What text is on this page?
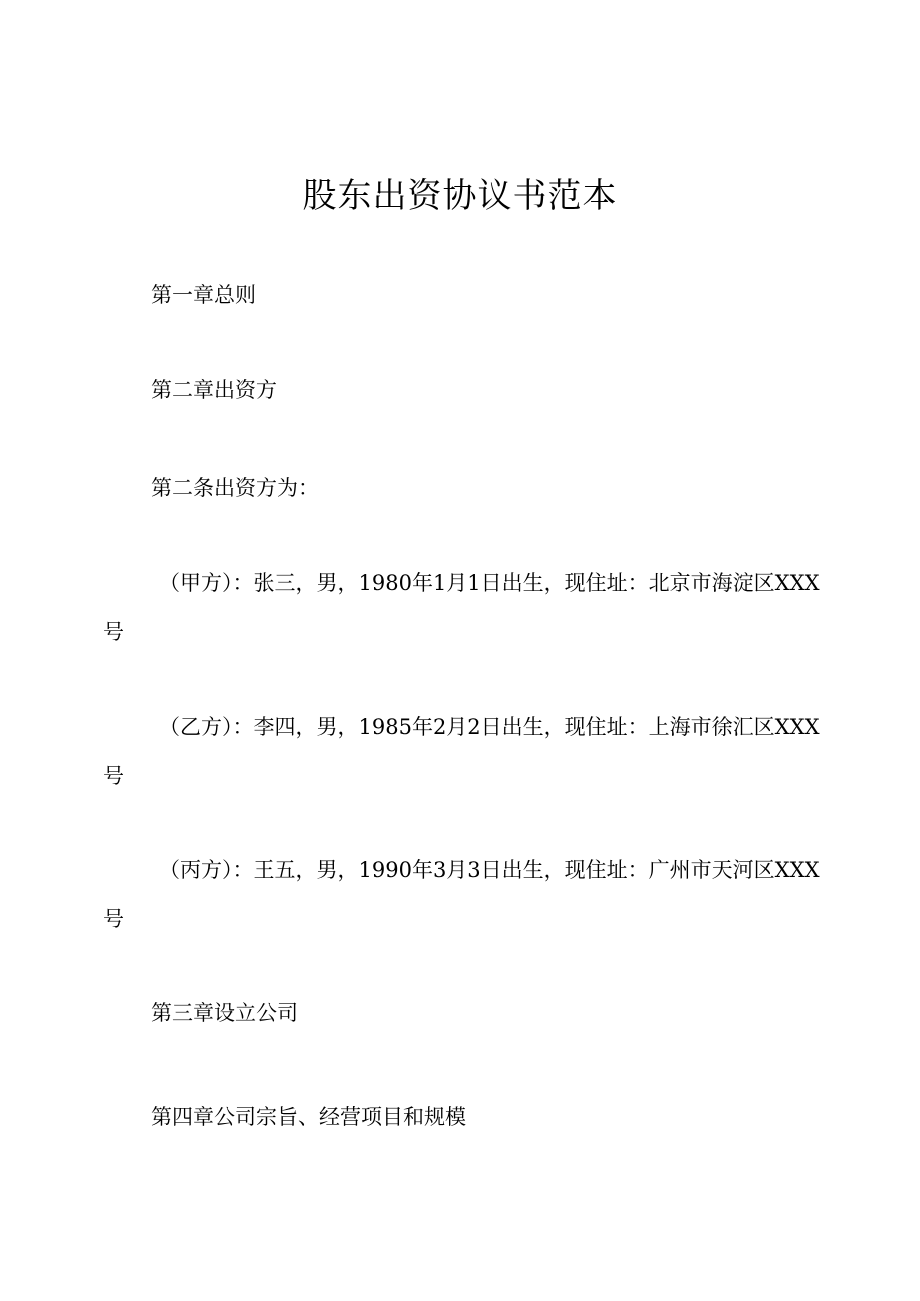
股东出资协议书范本
第一章总则
第二章出资方
第二条出资方为：
（甲方）：张三，男，1980年1月1日出生，现住址：北京市海淀区XXX
号
（乙方）：李四，男，1985年2月2日出生，现住址：上海市徐汇区XXX
号
（丙方）：王五，男，1990年3月3日出生，现住址：广州市天河区XXX
号
第三章设立公司
第四章公司宗旨、经营项目和规模
